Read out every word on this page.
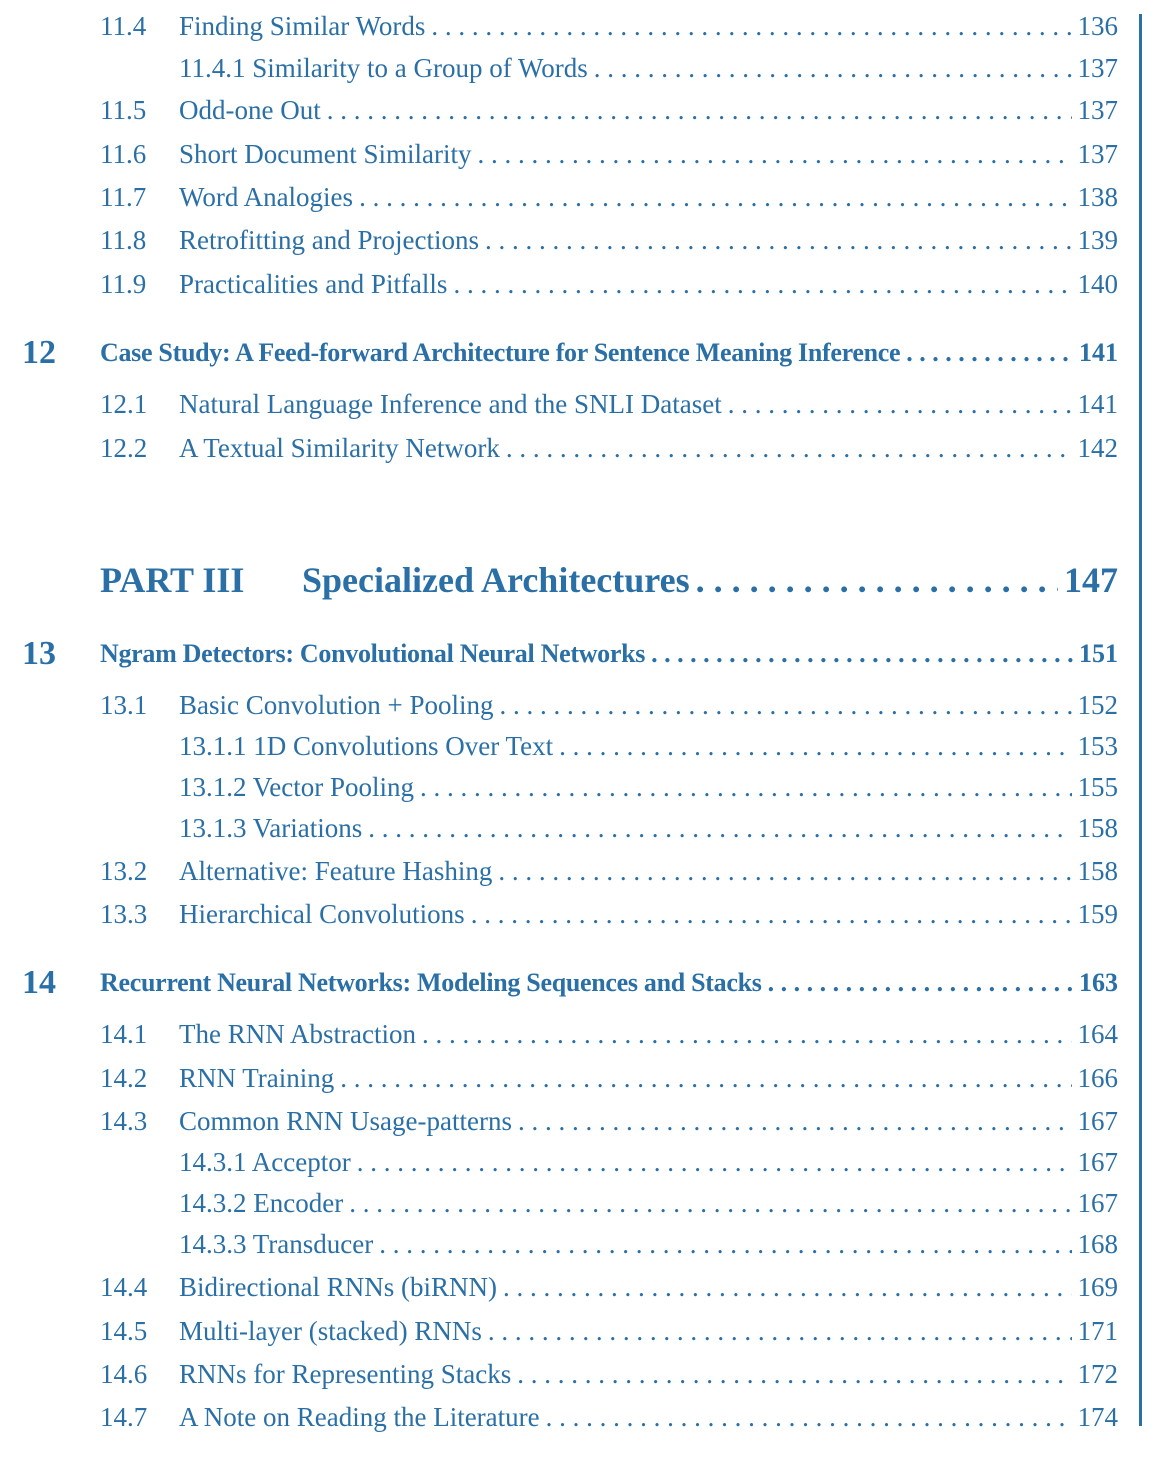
11.4 Finding Similar Words . . .	136
11.4.1 Similarity to a Group of Words . . .	137
11.5 Odd-one Out . . .	137
11.6 Short Document Similarity . . .	137
11.7 Word Analogies . . .	138
11.8 Retrofitting and Projections . . .	139
11.9 Practicalities and Pitfalls . . .	140
12 Case Study: A Feed-forward Architecture for Sentence Meaning Inference . . .	141
12.1 Natural Language Inference and the SNLI Dataset . . .	141
12.2 A Textual Similarity Network . . .	142
PART III Specialized Architectures . . .	147
13 Ngram Detectors: Convolutional Neural Networks . . .	151
13.1 Basic Convolution + Pooling . . .	152
13.1.1 1D Convolutions Over Text . . .	153
13.1.2 Vector Pooling . . .	155
13.1.3 Variations . . .	158
13.2 Alternative: Feature Hashing . . .	158
13.3 Hierarchical Convolutions . . .	159
14 Recurrent Neural Networks: Modeling Sequences and Stacks . . .	163
14.1 The RNN Abstraction . . .	164
14.2 RNN Training . . .	166
14.3 Common RNN Usage-patterns . . .	167
14.3.1 Acceptor . . .	167
14.3.2 Encoder . . .	167
14.3.3 Transducer . . .	168
14.4 Bidirectional RNNs (biRNN) . . .	169
14.5 Multi-layer (stacked) RNNs . . .	171
14.6 RNNs for Representing Stacks . . .	172
14.7 A Note on Reading the Literature . . .	174
